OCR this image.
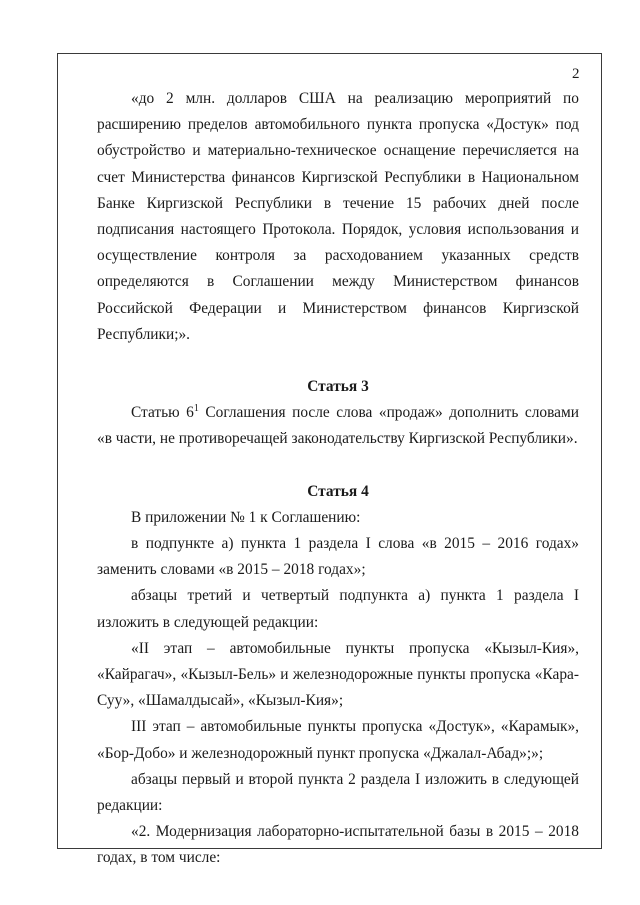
2

«до 2 млн. долларов США на реализацию мероприятий по расширению пределов автомобильного пункта пропуска «Достук» под обустройство и материально-техническое оснащение перечисляется на счет Министерства финансов Киргизской Республики в Национальном Банке Киргизской Республики в течение 15 рабочих дней после подписания настоящего Протокола. Порядок, условия использования и осуществление контроля за расходованием указанных средств определяются в Соглашении между Министерством финансов Российской Федерации и Министерством финансов Киргизской Республики;».

Статья 3

Статью $6^1$ Соглашения после слова «продаж» дополнить словами «в части, не противоречащей законодательству Киргизской Республики».

Статья 4

В приложении № 1 к Соглашению:

в подпункте а) пункта 1 раздела I слова «в 2015 – 2016 годах» заменить словами «в 2015 – 2018 годах»;

абзацы третий и четвертый подпункта а) пункта 1 раздела I изложить в следующей редакции:

«II этап – автомобильные пункты пропуска «Кызыл-Кия», «Кайрагач», «Кызыл-Бель» и железнодорожные пункты пропуска «Кара-Суу», «Шамалдысай», «Кызыл-Кия»;

III этап – автомобильные пункты пропуска «Достук», «Карамык», «Бор-Добо» и железнодорожный пункт пропуска «Джалал-Абад»;»;

абзацы первый и второй пункта 2 раздела I изложить в следующей редакции:

«2. Модернизация лабораторно-испытательной базы в 2015 – 2018 годах, в том числе:
